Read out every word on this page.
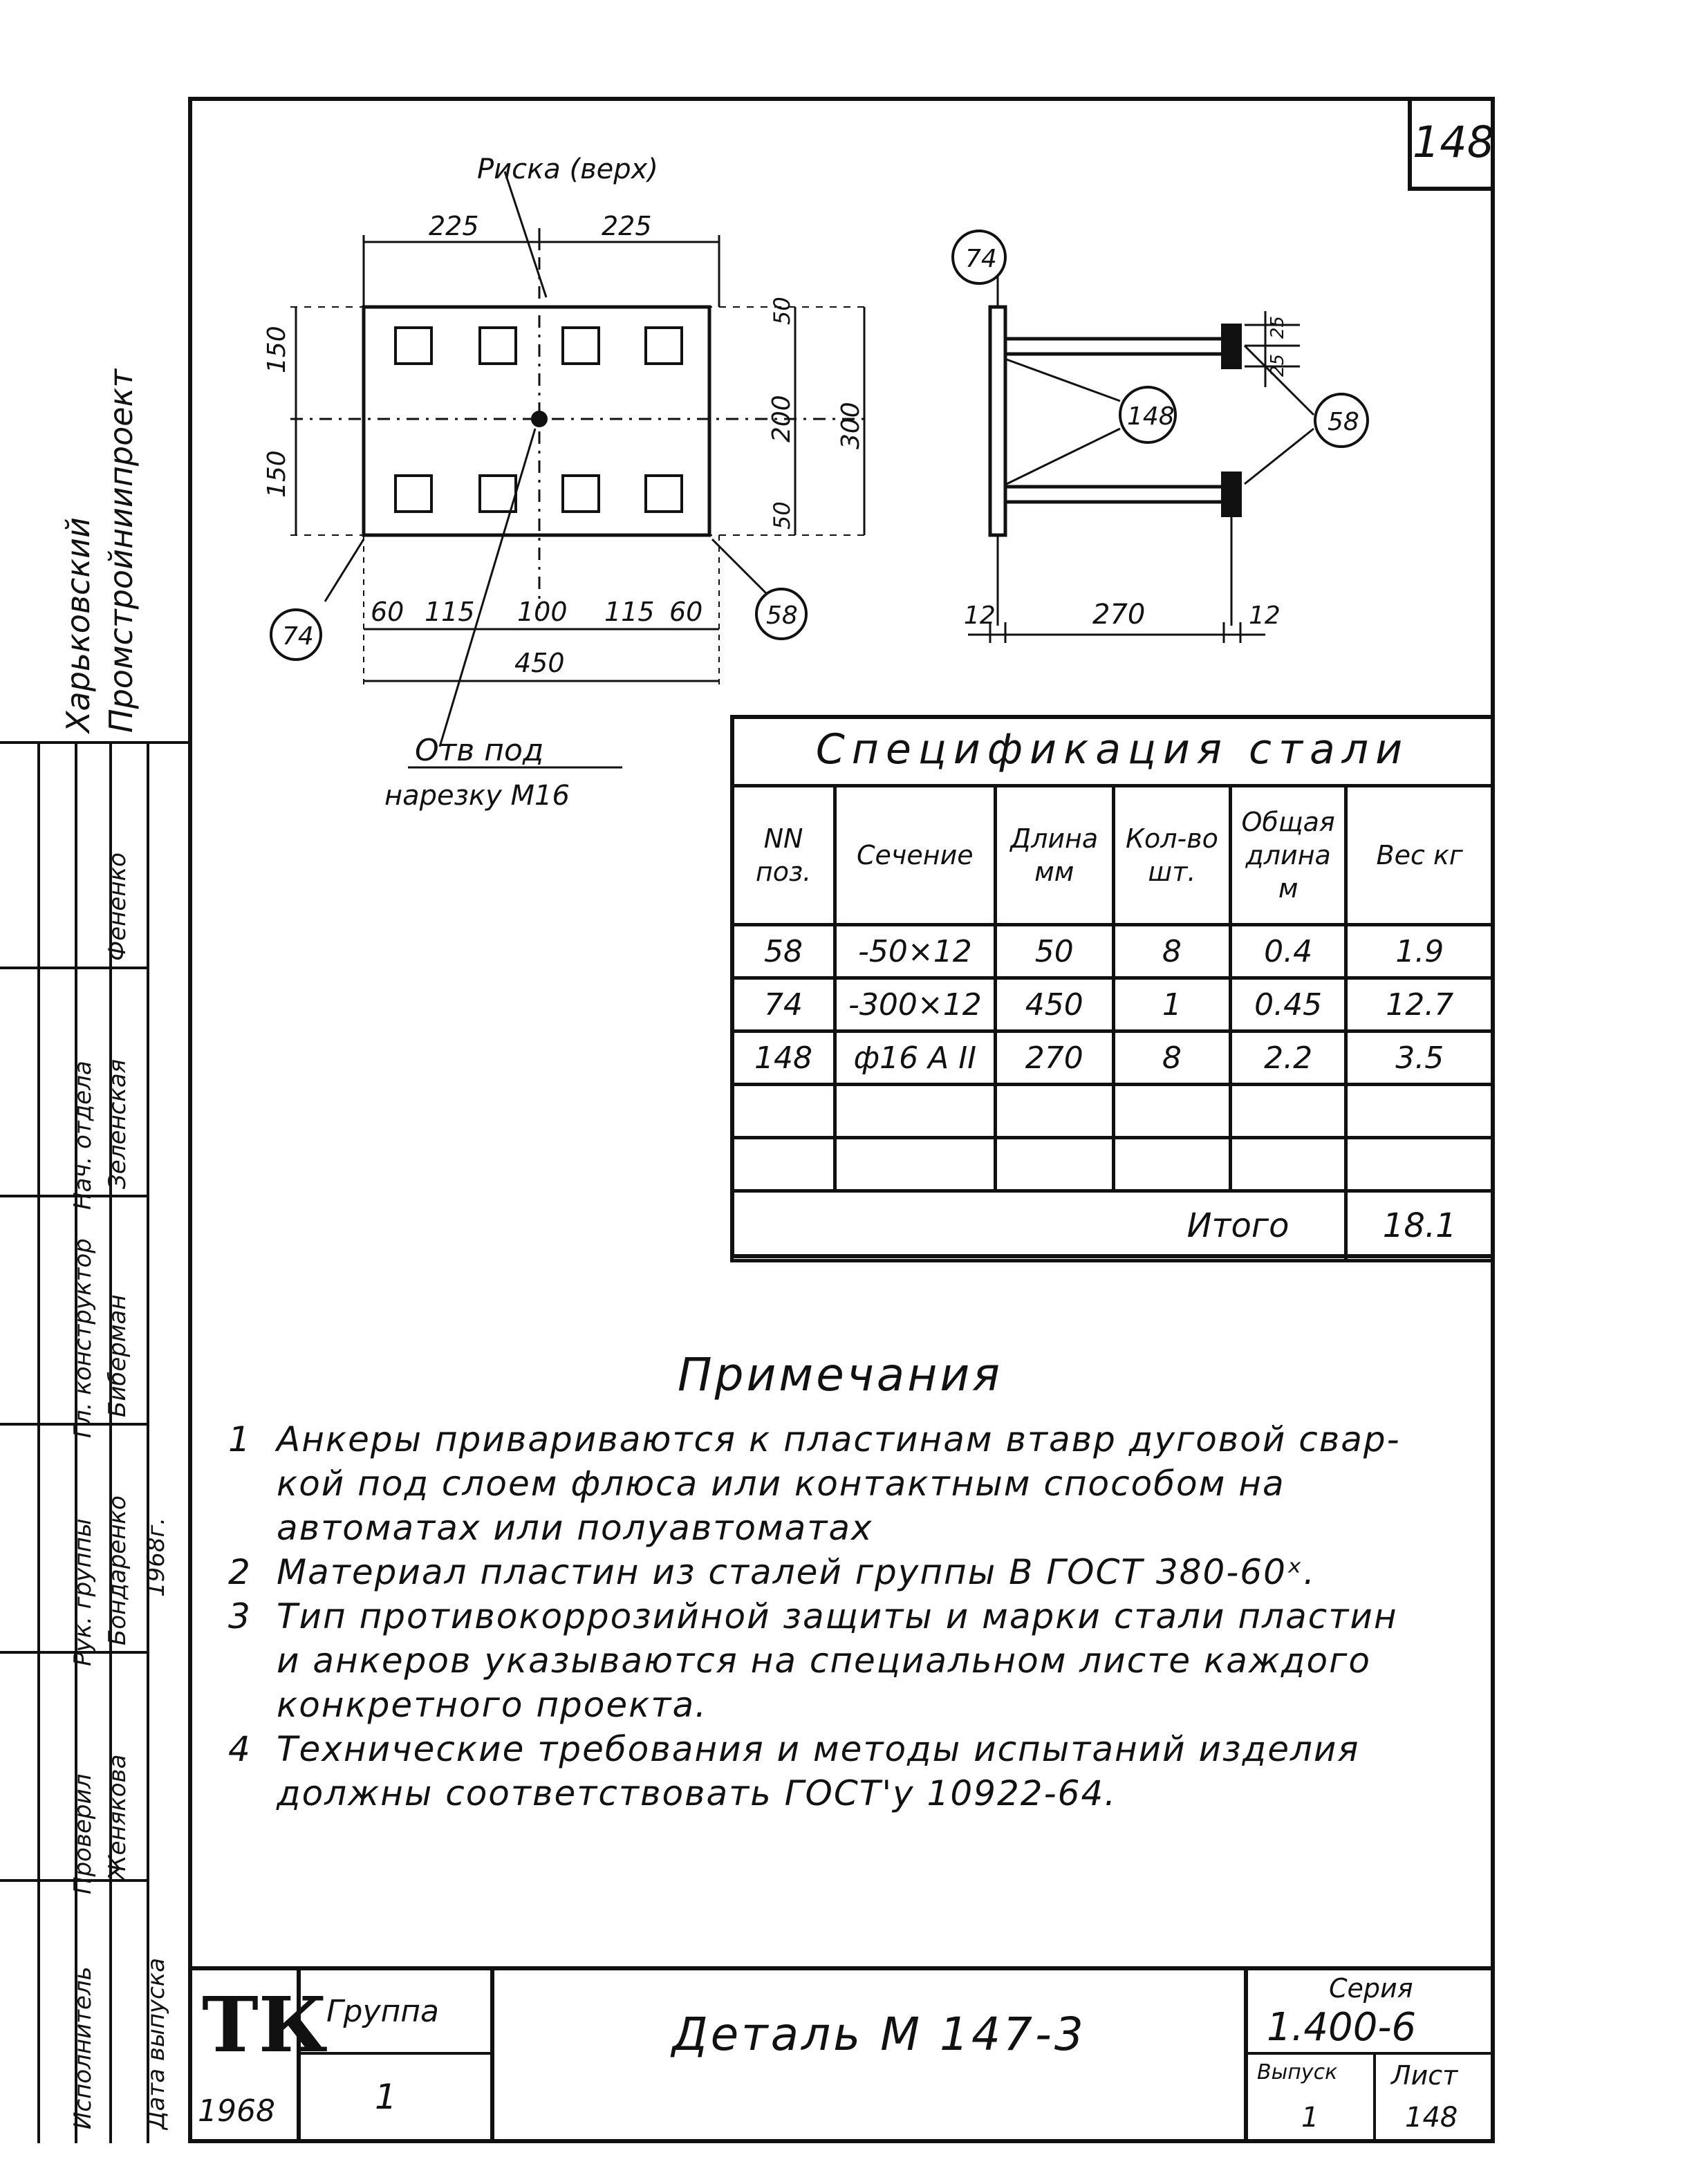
148
Риска (верх)
225	225
150
150
50
200
50
300
60 115 100 115 60
450
74
58
Отв под
нарезку М16
74
148	58
25
25
12	270	12
Спецификация стали
NN поз.	Сечение	Длина мм	Кол-во шт.	Общая длина м	Вес кг
58	-50×12	50	8	0.4	1.9
74	-300×12	450	1	0.45	12.7
148	ф16 А II	270	8	2.2	3.5

Итого					18.1
Примечания
1 Анкеры привариваются к пластинам втавр дуговой свар-
кой под слоем флюса или контактным способом на
автоматах или полуавтоматах
2 Материал пластин из сталей группы В ГОСТ 380-60ˣ.
3 Тип противокоррозийной защиты и марки стали пластин
и анкеров указываются на специальном листе каждого
конкретного проекта.
4 Технические требования и методы испытаний изделия
должны соответствовать ГОСТ'у 10922-64.
Харьковский Промстройниипроект
Нач. отдела
Гл. конструктор
Рук. группы
Проверил
Исполнитель
Фененко
Зеленская
Биберман
Бондаренко
Женякова
Дата выпуска
1968г.
ТК
1968
Группа
1
Деталь М 147-3
Серия
1.400-6
Выпуск
1
Лист
148
